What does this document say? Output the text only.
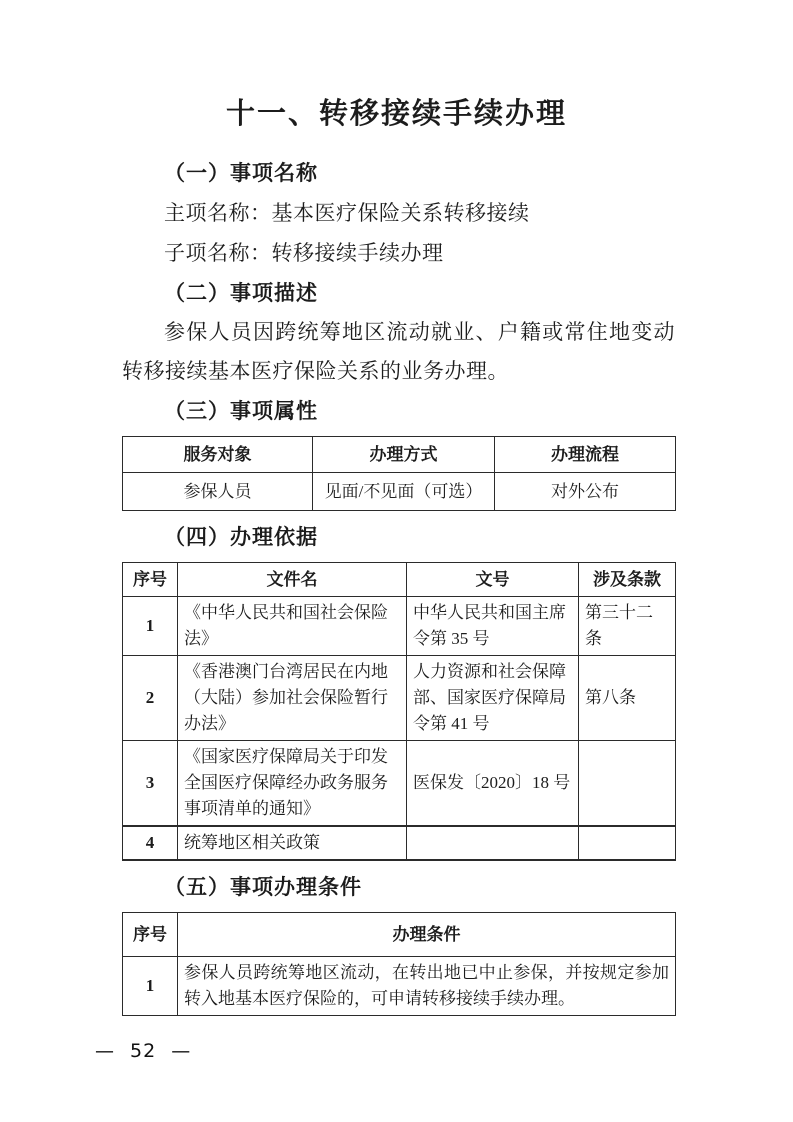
十一、转移接续手续办理

（一）事项名称

主项名称：基本医疗保险关系转移接续

子项名称：转移接续手续办理

（二）事项描述

参保人员因跨统筹地区流动就业、户籍或常住地变动转移接续基本医疗保险关系的业务办理。

（三）事项属性

服务对象	办理方式	办理流程
参保人员	见面/不见面（可选）	对外公布

（四）办理依据

序号	文件名	文号	涉及条款
1	《中华人民共和国社会保险法》	中华人民共和国主席令第 35 号	第三十二条
2	《香港澳门台湾居民在内地（大陆）参加社会保险暂行办法》	人力资源和社会保障部、国家医疗保障局令第 41 号	第八条
3	《国家医疗保障局关于印发全国医疗保障经办政务服务事项清单的通知》	医保发〔2020〕18 号	
4	统筹地区相关政策		

（五）事项办理条件

序号	办理条件
1	参保人员跨统筹地区流动，在转出地已中止参保，并按规定参加转入地基本医疗保险的，可申请转移接续手续办理。
— 52 —
